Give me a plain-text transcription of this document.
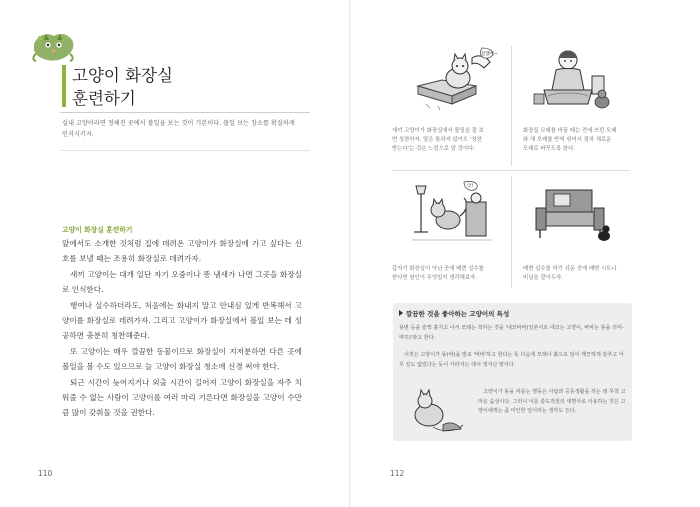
고양이 화장실
훈련하기
실내 고양이라면 정해진 곳에서 볼일을 보는 것이 기본이다. 볼일 보는 장소를 확실하게 인식시키자.
고양이 화장실 훈련하기

앞에서도 소개한 것처럼 집에 데려온 고양이가 화장실에 가고 싶다는 신호를 보낼 때는 조용히 화장실로 데려가자.

새끼 고양이는 대개 일단 자기 오줌이나 똥 냄새가 나면 그곳을 화장실로 인식한다.

행여나 실수하더라도, 처음에는 화내지 말고 안내심 있게 반복해서 고양이를 화장실로 데려가자. 그리고 고양이가 화장실에서 볼일 보는 데 성공하면 충분히 칭찬해준다.

또 고양이는 매우 깔끔한 동물이므로 화장실이 지저분하면 다른 곳에 볼일을 볼 수도 있으므로 늘 고양이 화장실 청소에 신경 써야 한다.

퇴근 시간이 늦어지거나 외출 시간이 길어져 고양이 화장실을 자주 치워줄 수 없는 사람이 고양이를 여러 마리 기른다면 화장실을 고양이 수만큼 많이 갖춰둘 것을 권한다.

110
잘했어~
새끼 고양이가 화장실에서 볼일을 잘 보면 칭찬하자. 말은 통하지 않아도 '칭찬받는다'는 것은 느낌으로 알 것이다.
화장실 모래를 바꿀 때는 전에 쓰던 모래와 새 모래를 반씩 섞어서 점차 새로운 모래로 바꾸도록 한다.
앗!
갑자기 화장실이 아닌 곳에 배변 실수를 한다면 원인이 무엇일지 생각해보자.
배변 실수를 하기 쉬운 곳에 배변 시트나 비닐을 깔아두자.
깔끔한 것을 좋아하는 고양이의 특성
용변 등을 슬쩍 흘지고 나서 모래는 척하는 것을 '네코바바(일본어로 네코는 고양이, 바바는 똥을 의미-역주)'라고 한다.
이것은 고양이가 똥(바)을 발로 '바바'하고 한다는 뜻 다음에 모래나 흙으로 덮어 깨끗하게 감추고 아무 일도 없었다는 듯이 사라지는 데서 생겨난 말이다.
고양이가 똥을 파묻는 행동은 사람과 공동생활을 하는 데 무척 고마운 습성이다. 그러니 이를 충도적질의 대명사로 사용하는 것은 고양이에게는 좀 미안한 일이라는 생각도 든다.
112
